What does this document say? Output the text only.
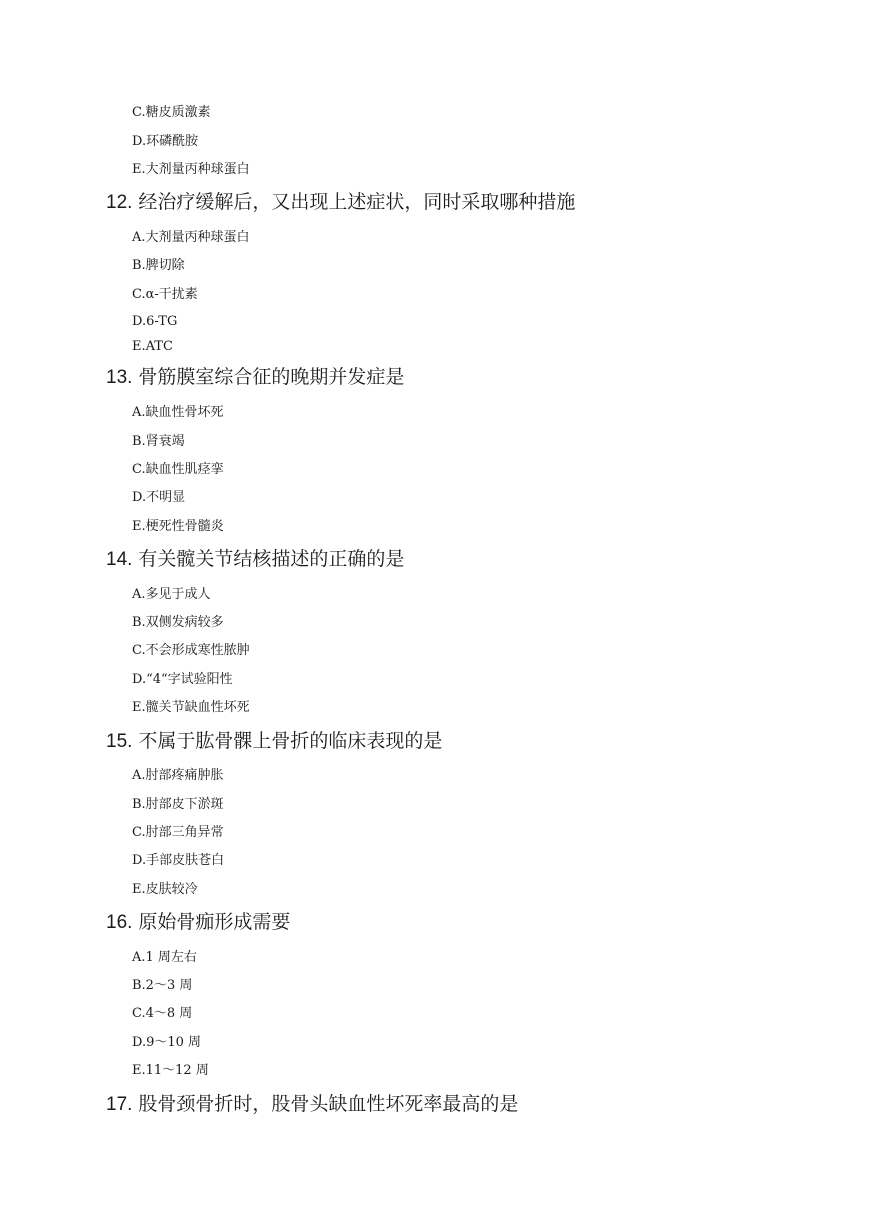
C.糖皮质激素
D.环磷酰胺
E.大剂量丙种球蛋白
12. 经治疗缓解后，又出现上述症状，同时采取哪种措施
A.大剂量丙种球蛋白
B.脾切除
C.α-干扰素
D.6-TG
E.ATC
13. 骨筋膜室综合征的晚期并发症是
A.缺血性骨坏死
B.肾衰竭
C.缺血性肌痉挛
D.不明显
E.梗死性骨髓炎
14. 有关髋关节结核描述的正确的是
A.多见于成人
B.双侧发病较多
C.不会形成寒性脓肿
D.“4“字试验阳性
E.髋关节缺血性坏死
15. 不属于肱骨髁上骨折的临床表现的是
A.肘部疼痛肿胀
B.肘部皮下淤斑
C.肘部三角异常
D.手部皮肤苍白
E.皮肤较冷
16. 原始骨痂形成需要
A.1 周左右
B.2～3 周
C.4～8 周
D.9～10 周
E.11～12 周
17. 股骨颈骨折时，股骨头缺血性坏死率最高的是
